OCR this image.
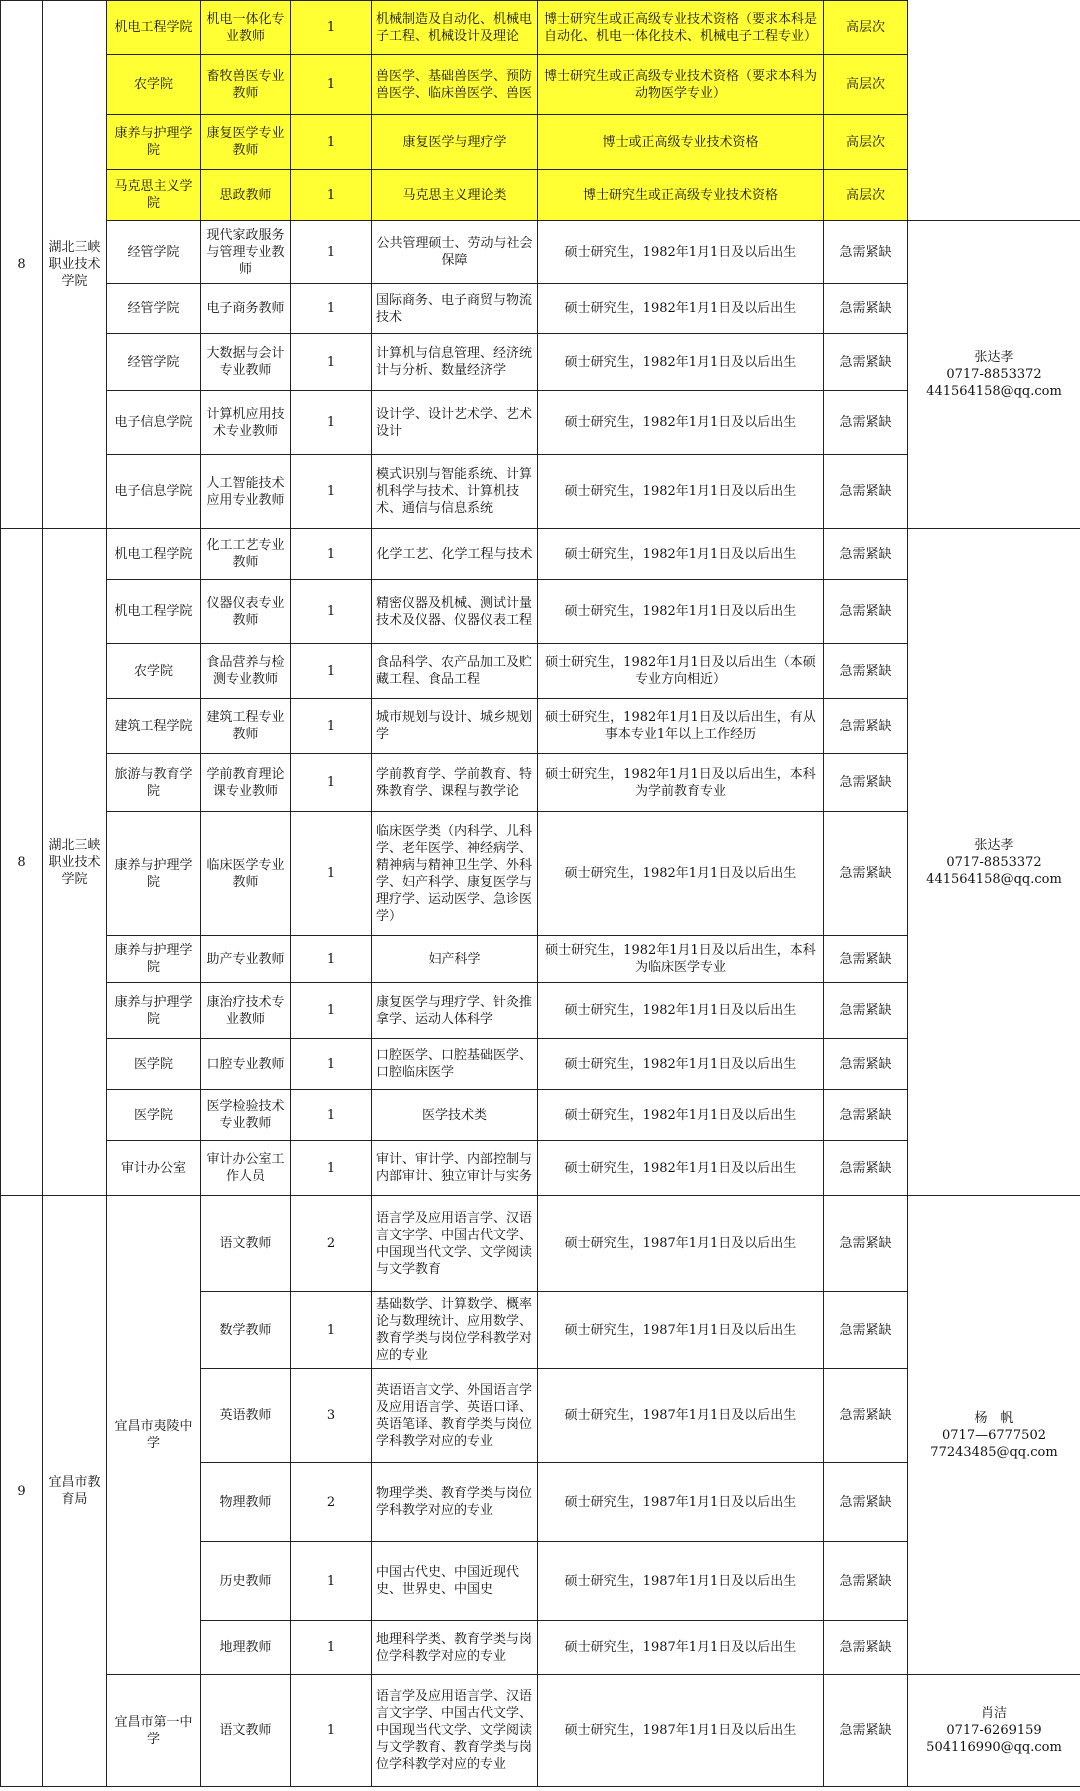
8	湖北三峡职业技术学院	机电工程学院	机电一体化专业教师	1	机械制造及自动化、机械电子工程、机械设计及理论	博士研究生或正高级专业技术资格（要求本科是自动化、机电一体化技术、机械电子工程专业）	高层次	
		农学院	畜牧兽医专业教师	1	兽医学、基础兽医学、预防兽医学、临床兽医学、兽医	博士研究生或正高级专业技术资格（要求本科为动物医学专业）	高层次	
		康养与护理学院	康复医学专业教师	1	康复医学与理疗学	博士或正高级专业技术资格	高层次	
		马克思主义学院	思政教师	1	马克思主义理论类	博士研究生或正高级专业技术资格	高层次	
		经管学院	现代家政服务与管理专业教师	1	公共管理硕士、劳动与社会保障	硕士研究生，1982年1月1日及以后出生	急需紧缺	张达孝
0717-8853372
441564158@qq.com

		经管学院	电子商务教师	1	国际商务、电子商贸与物流技术	硕士研究生，1982年1月1日及以后出生	急需紧缺	
		经管学院	大数据与会计专业教师	1	计算机与信息管理、经济统计与分析、数量经济学	硕士研究生，1982年1月1日及以后出生	急需紧缺	
		电子信息学院	计算机应用技术专业教师	1	设计学、设计艺术学、艺术设计	硕士研究生，1982年1月1日及以后出生	急需紧缺	
		电子信息学院	人工智能技术应用专业教师	1	模式识别与智能系统、计算机科学与技术、计算机技术、通信与信息系统	硕士研究生，1982年1月1日及以后出生	急需紧缺	
8	湖北三峡职业技术学院	机电工程学院	化工工艺专业教师	1	化学工艺、化学工程与技术	硕士研究生，1982年1月1日及以后出生	急需紧缺	张达孝
0717-8853372
441564158@qq.com

		机电工程学院	仪器仪表专业教师	1	精密仪器及机械、测试计量技术及仪器、仪器仪表工程	硕士研究生，1982年1月1日及以后出生	急需紧缺	
		农学院	食品营养与检测专业教师	1	食品科学、农产品加工及贮藏工程、食品工程	硕士研究生，1982年1月1日及以后出生（本硕专业方向相近）	急需紧缺	
		建筑工程学院	建筑工程专业教师	1	城市规划与设计、城乡规划学	硕士研究生，1982年1月1日及以后出生，有从事本专业1年以上工作经历	急需紧缺	
		旅游与教育学院	学前教育理论课专业教师	1	学前教育学、学前教育、特殊教育学、课程与教学论	硕士研究生，1982年1月1日及以后出生，本科为学前教育专业	急需紧缺	
		康养与护理学院	临床医学专业教师	1	临床医学类（内科学、儿科学、老年医学、神经病学、精神病与精神卫生学、外科学、妇产科学、康复医学与理疗学、运动医学、急诊医学）	硕士研究生，1982年1月1日及以后出生	急需紧缺	
		康养与护理学院	助产专业教师	1	妇产科学	硕士研究生，1982年1月1日及以后出生，本科为临床医学专业	急需紧缺	
		康养与护理学院	康治疗技术专业教师	1	康复医学与理疗学、针灸推拿学、运动人体科学	硕士研究生，1982年1月1日及以后出生	急需紧缺	
		医学院	口腔专业教师	1	口腔医学、口腔基础医学、口腔临床医学	硕士研究生，1982年1月1日及以后出生	急需紧缺	
		医学院	医学检验技术专业教师	1	医学技术类	硕士研究生，1982年1月1日及以后出生	急需紧缺	
		审计办公室	审计办公室工作人员	1	审计、审计学、内部控制与内部审计、独立审计与实务	硕士研究生，1982年1月1日及以后出生	急需紧缺	
9	宜昌市教育局	宜昌市夷陵中学	语文教师	2	语言学及应用语言学、汉语言文字学、中国古代文学、中国现当代文学、文学阅读与文学教育	硕士研究生，1987年1月1日及以后出生	急需紧缺	杨　帆
0717—6777502
77243485@qq.com

			数学教师	1	基础数学、计算数学、概率论与数理统计、应用数学、教育学类与岗位学科教学对应的专业	硕士研究生，1987年1月1日及以后出生	急需紧缺	
			英语教师	3	英语语言文学、外国语言学及应用语言学、英语口译、英语笔译、教育学类与岗位学科教学对应的专业	硕士研究生，1987年1月1日及以后出生	急需紧缺	
			物理教师	2	物理学类、教育学类与岗位学科教学对应的专业	硕士研究生，1987年1月1日及以后出生	急需紧缺	
			历史教师	1	中国古代史、中国近现代史、世界史、中国史	硕士研究生，1987年1月1日及以后出生	急需紧缺	
			地理教师	1	地理科学类、教育学类与岗位学科教学对应的专业	硕士研究生，1987年1月1日及以后出生	急需紧缺	
		宜昌市第一中学	语文教师	1	语言学及应用语言学、汉语言文字学、中国古代文学、中国现当代文学、文学阅读与文学教育、教育学类与岗位学科教学对应的专业	硕士研究生，1987年1月1日及以后出生	急需紧缺	肖洁
0717-6269159
504116990@qq.com
